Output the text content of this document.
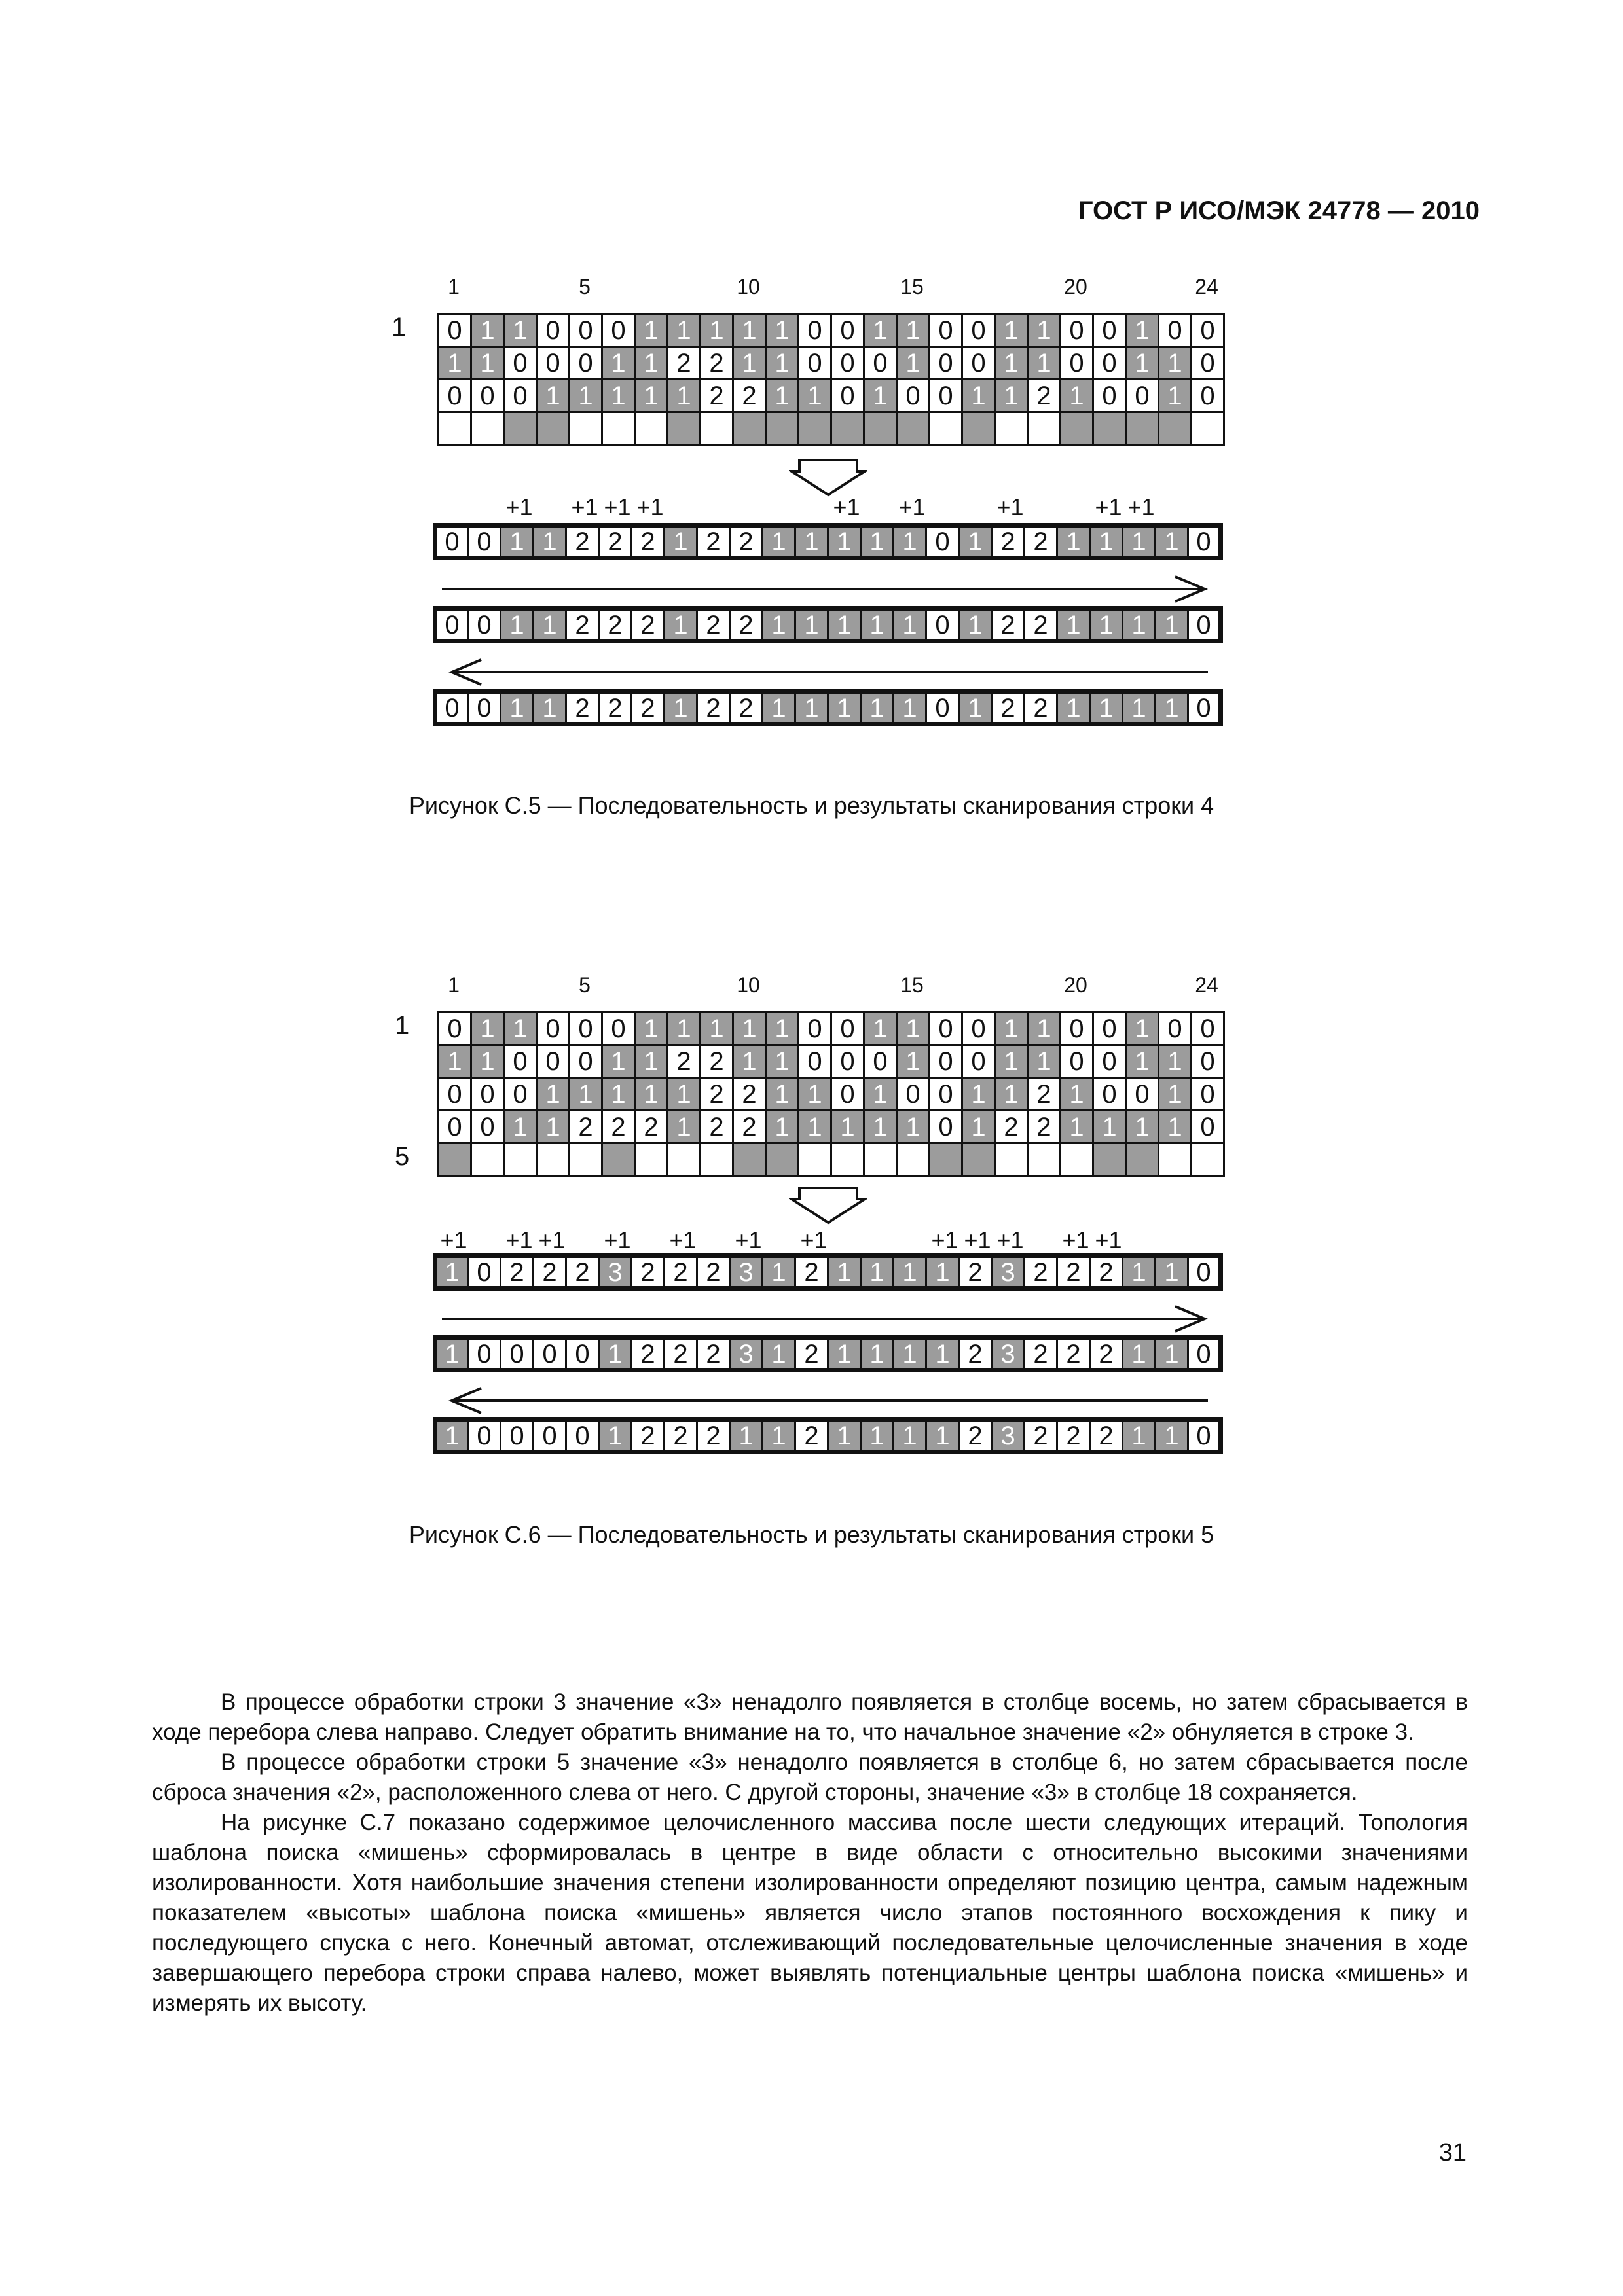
ГОСТ Р ИСО/МЭК 24778 — 2010
1	5	10	15	20	24
1 0	1	1	0	0	0	1	1	1	1	1	0	0	1	1	0	0	1	1	0	0	1	0	0
1	1	0	0	0	1	1	2	2	1	1	0	0	0	1	0	0	1	1	0	0	1	1	0
0	0	0	1	1	1	1	1	2	2	1	1	0	1	0	0	1	1	2	1	0	0	1	0

+1 +1 +1 +1	+1 +1	+1	+1 +1
0	0	1	1	2	2	2	1	2	2	1	1	1	1	1	0	1	2	2	1	1	1	1	0
0	0	1	1	2	2	2	1	2	2	1	1	1	1	1	0	1	2	2	1	1	1	1	0
0	0	1	1	2	2	2	1	2	2	1	1	1	1	1	0	1	2	2	1	1	1	1	0
Рисунок С.5 — Последовательность и результаты сканирования строки 4
1	5	10	15	20	24
1
5
0	1	1	0	0	0	1	1	1	1	1	0	0	1	1	0	0	1	1	0	0	1	0	0
1	1	0	0	0	1	1	2	2	1	1	0	0	0	1	0	0	1	1	0	0	1	1	0
0	0	0	1	1	1	1	1	2	2	1	1	0	1	0	0	1	1	2	1	0	0	1	0
0	0	1	1	2	2	2	1	2	2	1	1	1	1	1	0	1	2	2	1	1	1	1	0

+1 +1 +1 +1 +1 +1 +1	+1 +1 +1 +1 +1
1	0	2	2	2	3	2	2	2	3	1	2	1	1	1	1	2	3	2	2	2	1	1	0
1	0	0	0	0	1	2	2	2	3	1	2	1	1	1	1	2	3	2	2	2	1	1	0
1	0	0	0	0	1	2	2	2	1	1	2	1	1	1	1	2	3	2	2	2	1	1	0
Рисунок С.6 — Последовательность и результаты сканирования строки 5

В процессе обработки строки 3 значение «3» ненадолго появляется в столбце восемь, но затем сбрасывается в ходе перебора слева направо. Следует обратить внимание на то, что начальное значение «2» обнуляется в строке 3.

В процессе обработки строки 5 значение «3» ненадолго появляется в столбце 6, но затем сбрасывается после сброса значения «2», расположенного слева от него. С другой стороны, значение «3» в столбце 18 сохраняется.

На рисунке С.7 показано содержимое целочисленного массива после шести следующих итераций. Топология шаблона поиска «мишень» сформировалась в центре в виде области с относительно высокими значениями изолированности. Хотя наибольшие значения степени изолированности определяют позицию центра, самым надежным показателем «высоты» шаблона поиска «мишень» является число этапов постоянного восхождения к пику и последующего спуска с него. Конечный автомат, отслеживающий последовательные целочисленные значения в ходе завершающего перебора строки справа налево, может выявлять потенциальные центры шаблона поиска «мишень» и измерять их высоту.

31
